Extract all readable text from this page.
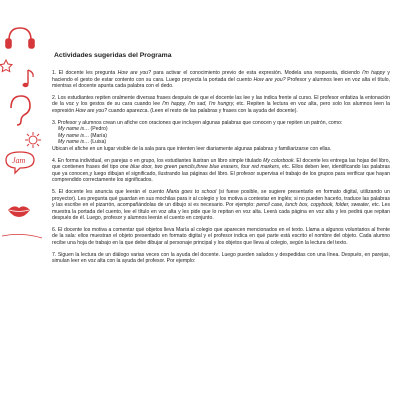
Jam
Actividades sugeridas del Programa

1. El docente les pregunta How are you? para activar el conocimiento previo de esta expresión. Modela una respuesta, diciendo I'm happy y haciendo el gesto de estar contento con su cara. Luego proyecta la portada del cuento How are you? Profesor y alumnos leen en voz alta el título, mientras el docente apunta cada palabra con el dedo.

2. Los estudiantes repiten oralmente diversas frases después de que el docente las lee y las indica frente al curso. El profesor enfatiza la entonación de la voz y los gestos de su cara cuando lee I'm happy, I'm sad, I'm hungry, etc. Repiten la lectura en voz alta, pero solo los alumnos leen la expresión How are you? cuando aparezca. (Leen el resto de las palabras y frases con la ayuda del docente).

3. Profesor y alumnos crean un afiche con oraciones que incluyen algunas palabras que conocen y que repiten un patrón, como:
My name is… (Pedro)
My name is… (María)
My name is… (Luisa)
Ubican el afiche en un lugar visible de la sala para que intenten leer diariamente algunas palabras y familiarizarse con ellas.

4. En forma individual, en parejas o en grupo, los estudiantes ilustran un libro simple titulado My colorbook. El docente les entrega las hojas del libro, que contienen frases del tipo one blue door, two green pencils,three blue erasers, four red markers, etc. Ellos deben leer, identificando las palabras que ya conocen,y luego dibujan el significado, ilustrando las páginas del libro. El profesor supervisa el trabajo de los grupos para verificar que hayan comprendido correctamente los significados.

5. El docente les anuncia que leerán el cuento Maria goes to school (si fuese posible, se sugiere presentarlo en formato digital, utilizando un proyector). Les pregunta qué guardan en sus mochilas para ir al colegio y los motiva a contestar en inglés; si no pueden hacerlo, traduce las palabras y las escribe en el pizarrón, acompañándolas de un dibujo si es necesario. Por ejemplo: pencil case, lunch box, copybook, folder, sweater, etc. Les muestra la portada del cuento, lee el título en voz alta y les pide que lo repitan en voz alta. Leerá cada página en voz alta y les pedirá que repitan después de él. Luego, profesor y alumnos leerán el cuento en conjunto.

6. El docente los motiva a comentar qué objetos lleva María al colegio que aparecen mencionados en el texto. Llama a algunos voluntarios al frente de la sala: ellos muestran el objeto presentado en formato digital y el profesor indica en qué parte está escrito el nombre del objeto. Cada alumno recibe una hoja de trabajo en la que debe dibujar al personaje principal y los objetos que lleva al colegio, según la lectura del texto.

7. Siguen la lectura de un diálogo varias veces con la ayuda del docente. Luego pueden saludos y despedidas con una línea. Después, en parejas, simulan leer en voz alta con la ayuda del profesor. Por ejemplo:
